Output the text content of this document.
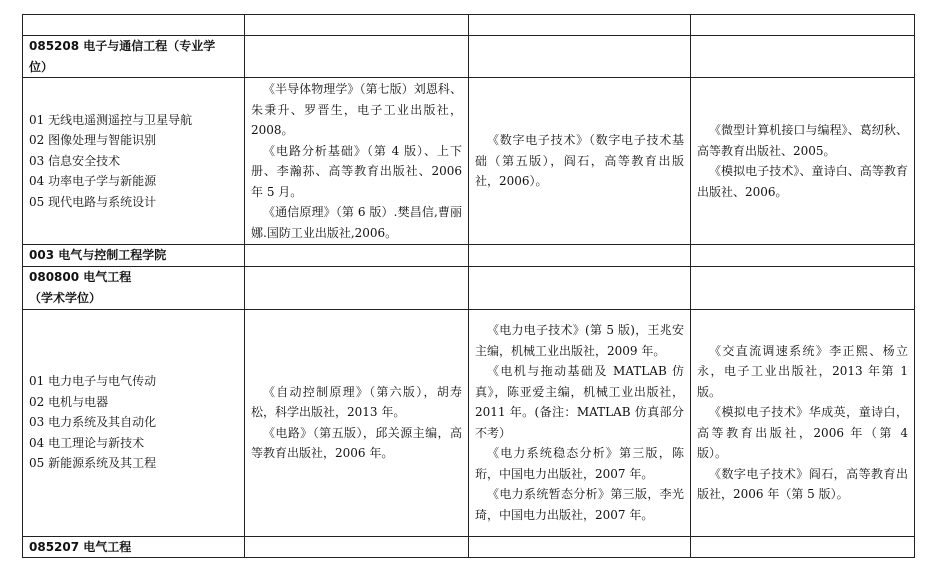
085208 电子与通信工程（专业学
位）			

01 无线电遥测遥控与卫星导航
02 图像处理与智能识别
03 信息安全技术
04 功率电子学与新能源
05 现代电路与系统设计	《半导体物理学》（第七版）刘恩科、朱秉升、罗晋生，电子工业出版社，2008。
《电路分析基础》（第 4 版）、上下册、李瀚荪、高等教育出版社、2006 年 5 月。
《通信原理》（第 6 版）.樊昌信,曹丽娜.国防工业出版社,2006。	《数字电子技术》（数字电子技术基础（第五版），阎石，高等教育出版社，2006）。	《微型计算机接口与编程》、葛纫秋、高等教育出版社、2005。
《模拟电子技术》、童诗白、高等教育出版社、2006。

003 电气与控制工程学院			

080800 电气工程
（学术学位）			

01 电力电子与电气传动
02 电机与电器
03 电力系统及其自动化
04 电工理论与新技术
05 新能源系统及其工程	《自动控制原理》（第六版），胡寿松，科学出版社，2013 年。
《电路》（第五版），邱关源主编，高等教育出版社，2006 年。	《电力电子技术》(第 5 版)，王兆安主编，机械工业出版社，2009 年。
《电机与拖动基础及 MATLAB 仿真》，陈亚爱主编，机械工业出版社，2011 年。(备注：MATLAB 仿真部分不考）
《电力系统稳态分析》第三版，陈珩，中国电力出版社，2007 年。
《电力系统暂态分析》第三版，李光琦，中国电力出版社，2007 年。	《交直流调速系统》李正熙、杨立永，电子工业出版社，2013 年第 1 版。
《模拟电子技术》华成英，童诗白，高等教育出版社，2006 年（第 4 版）。
《数字电子技术》阎石，高等教育出版社，2006 年（第 5 版）。

085207 电气工程			
